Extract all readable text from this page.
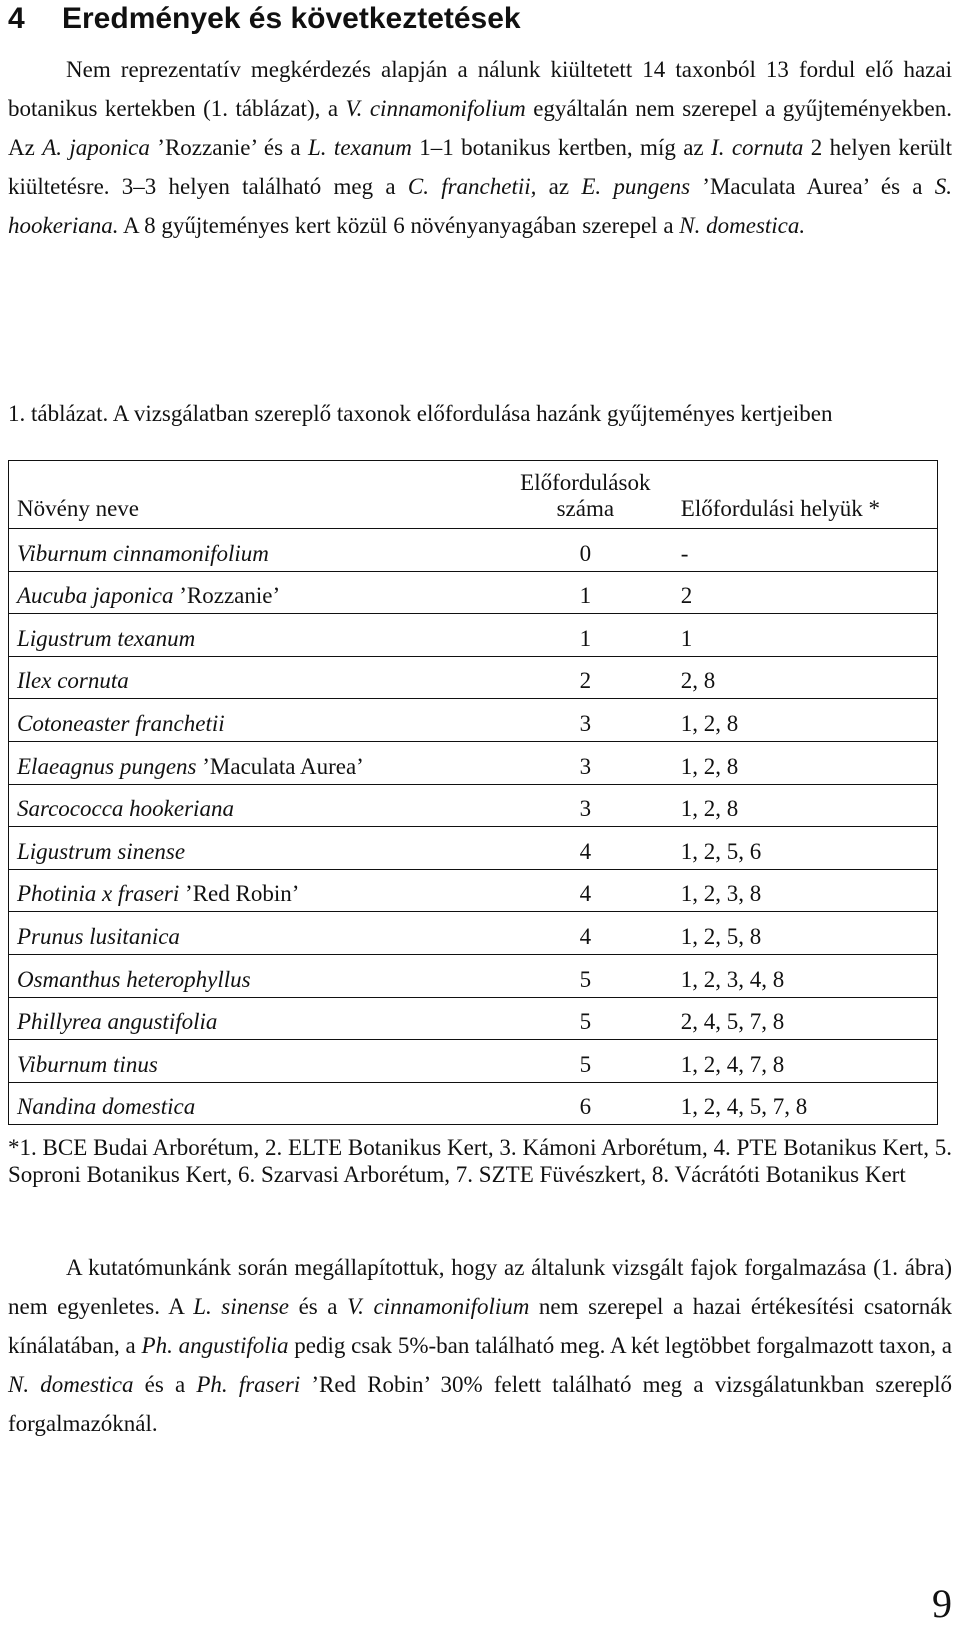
4 Eredmények és következtetések

Nem reprezentatív megkérdezés alapján a nálunk kiültetett 14 taxonból 13 fordul elő hazai botanikus kertekben (1. táblázat), a V. cinnamonifolium egyáltalán nem szerepel a gyűjteményekben. Az A. japonica ’Rozzanie’ és a L. texanum 1–1 botanikus kertben, míg az I. cornuta 2 helyen került kiültetésre. 3–3 helyen található meg a C. franchetii, az E. pungens ’Maculata Aurea’ és a S. hookeriana. A 8 gyűjteményes kert közül 6 növényanyagában szerepel a N. domestica.

1. táblázat. A vizsgálatban szereplő taxonok előfordulása hazánk gyűjteményes kertjeiben
Növény neve	Előfordulások száma	Előfordulási helyük *
Viburnum cinnamonifolium	0	-
Aucuba japonica ’Rozzanie’	1	2
Ligustrum texanum	1	1
Ilex cornuta	2	2, 8
Cotoneaster franchetii	3	1, 2, 8
Elaeagnus pungens ’Maculata Aurea’	3	1, 2, 8
Sarcococca hookeriana	3	1, 2, 8
Ligustrum sinense	4	1, 2, 5, 6
Photinia x fraseri ’Red Robin’	4	1, 2, 3, 8
Prunus lusitanica	4	1, 2, 5, 8
Osmanthus heterophyllus	5	1, 2, 3, 4, 8
Phillyrea angustifolia	5	2, 4, 5, 7, 8
Viburnum tinus	5	1, 2, 4, 7, 8
Nandina domestica	6	1, 2, 4, 5, 7, 8
*1. BCE Budai Arborétum, 2. ELTE Botanikus Kert, 3. Kámoni Arborétum, 4. PTE Botanikus Kert, 5. Soproni Botanikus Kert, 6. Szarvasi Arborétum, 7. SZTE Füvészkert, 8. Vácrátóti Botanikus Kert

A kutatómunkánk során megállapítottuk, hogy az általunk vizsgált fajok forgalmazása (1. ábra) nem egyenletes. A L. sinense és a V. cinnamonifolium nem szerepel a hazai értékesítési csatornák kínálatában, a Ph. angustifolia pedig csak 5%-ban található meg. A két legtöbbet forgalmazott taxon, a N. domestica és a Ph. fraseri ’Red Robin’ 30% felett található meg a vizsgálatunkban szereplő forgalmazóknál.

9
